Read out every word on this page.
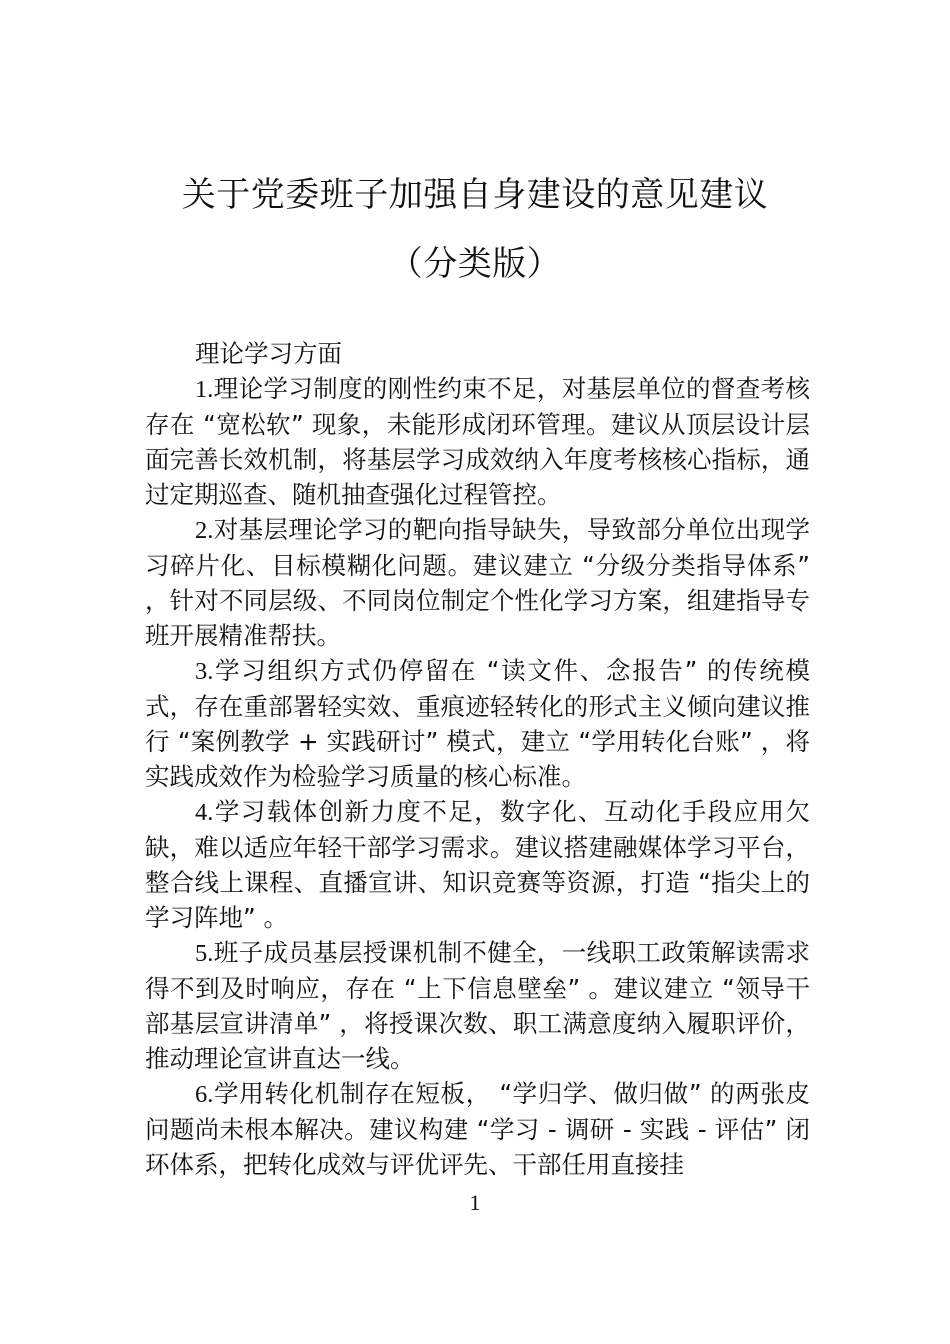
关于党委班子加强自身建设的意见建议
（分类版）
理论学习方面

1.理论学习制度的刚性约束不足，对基层单位的督查考核存在 “宽松软” 现象，未能形成闭环管理。建议从顶层设计层面完善长效机制，将基层学习成效纳入年度考核核心指标，通过定期巡查、随机抽查强化过程管控。

2.对基层理论学习的靶向指导缺失，导致部分单位出现学习碎片化、目标模糊化问题。建议建立 “分级分类指导体系” ，针对不同层级、不同岗位制定个性化学习方案，组建指导专班开展精准帮扶。

3.学习组织方式仍停留在 “读文件、念报告” 的传统模式，存在重部署轻实效、重痕迹轻转化的形式主义倾向建议推行 “案例教学 + 实践研讨” 模式，建立 “学用转化台账” ，将实践成效作为检验学习质量的核心标准。

4.学习载体创新力度不足，数字化、互动化手段应用欠缺，难以适应年轻干部学习需求。建议搭建融媒体学习平台，整合线上课程、直播宣讲、知识竞赛等资源，打造 “指尖上的学习阵地” 。

5.班子成员基层授课机制不健全，一线职工政策解读需求得不到及时响应，存在 “上下信息壁垒” 。建议建立 “领导干部基层宣讲清单” ，将授课次数、职工满意度纳入履职评价，推动理论宣讲直达一线。

6.学用转化机制存在短板， “学归学、做归做” 的两张皮问题尚未根本解决。建议构建 “学习 - 调研 - 实践 - 评估” 闭环体系，把转化成效与评优评先、干部任用直接挂

1
